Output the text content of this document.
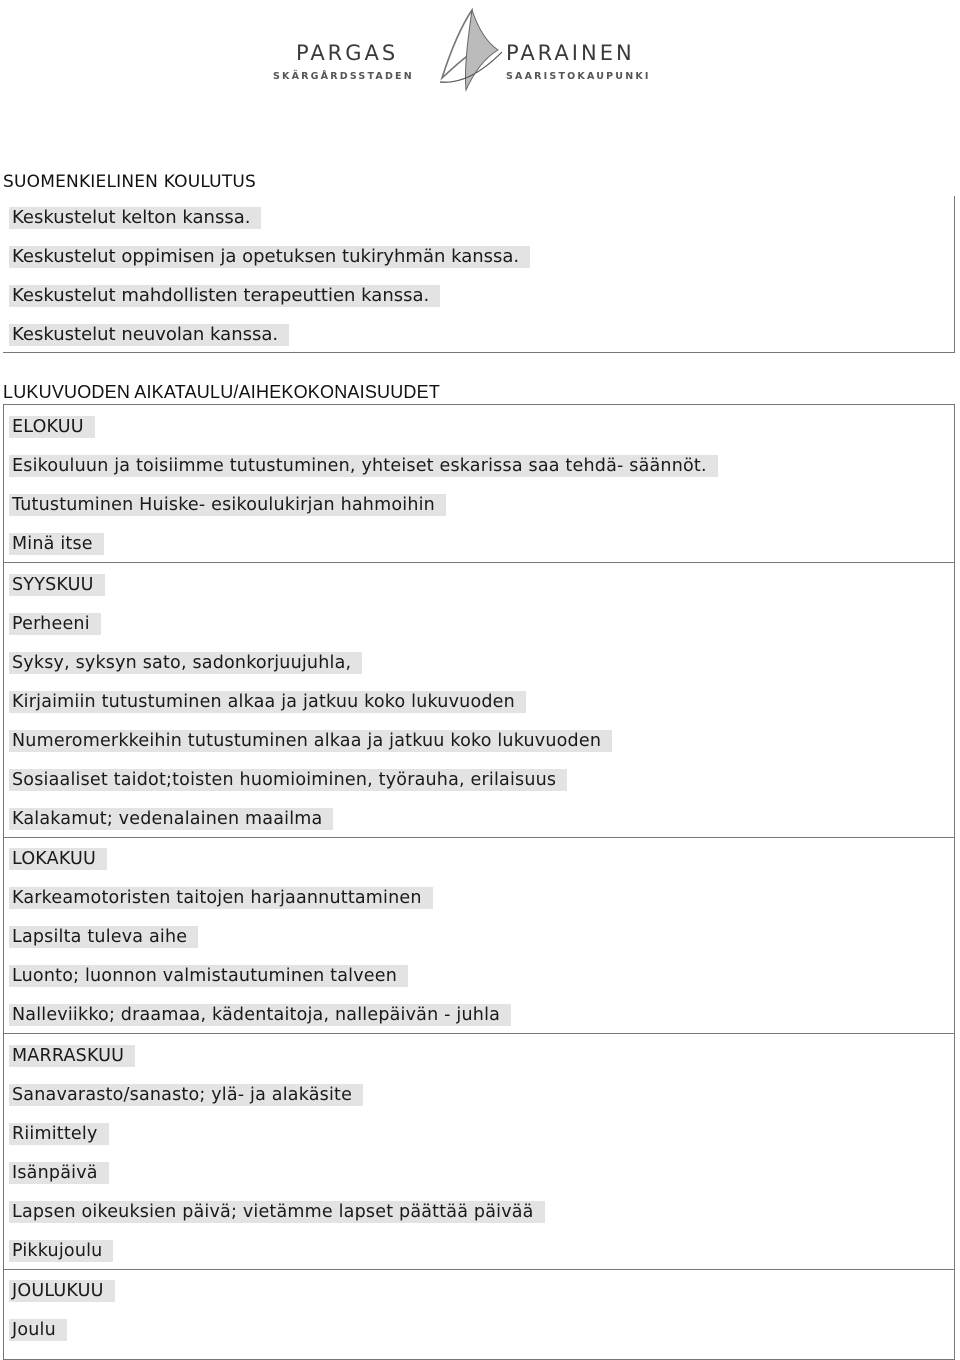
PARGAS
SKÄRGÅRDSSTADEN
PARAINEN
SAARISTOKAUPUNKI
SUOMENKIELINEN KOULUTUS
Keskustelut kelton kanssa.
Keskustelut oppimisen ja opetuksen tukiryhmän kanssa.
Keskustelut mahdollisten terapeuttien kanssa.
Keskustelut neuvolan kanssa.
LUKUVUODEN AIKATAULU/AIHEKOKONAISUUDET
ELOKUU
Esikouluun ja toisiimme tutustuminen, yhteiset eskarissa saa tehdä- säännöt.
Tutustuminen Huiske- esikoulukirjan hahmoihin
Minä itse
SYYSKUU
Perheeni
Syksy, syksyn sato, sadonkorjuujuhla,
Kirjaimiin tutustuminen alkaa ja jatkuu koko lukuvuoden
Numeromerkkeihin tutustuminen alkaa ja jatkuu koko lukuvuoden
Sosiaaliset taidot;toisten huomioiminen, työrauha, erilaisuus
Kalakamut; vedenalainen maailma
LOKAKUU
Karkeamotoristen taitojen harjaannuttaminen
Lapsilta tuleva aihe
Luonto; luonnon valmistautuminen talveen
Nalleviikko; draamaa, kädentaitoja, nallepäivän - juhla
MARRASKUU
Sanavarasto/sanasto; ylä- ja alakäsite
Riimittely
Isänpäivä
Lapsen oikeuksien päivä; vietämme lapset päättää päivää
Pikkujoulu
JOULUKUU
Joulu
